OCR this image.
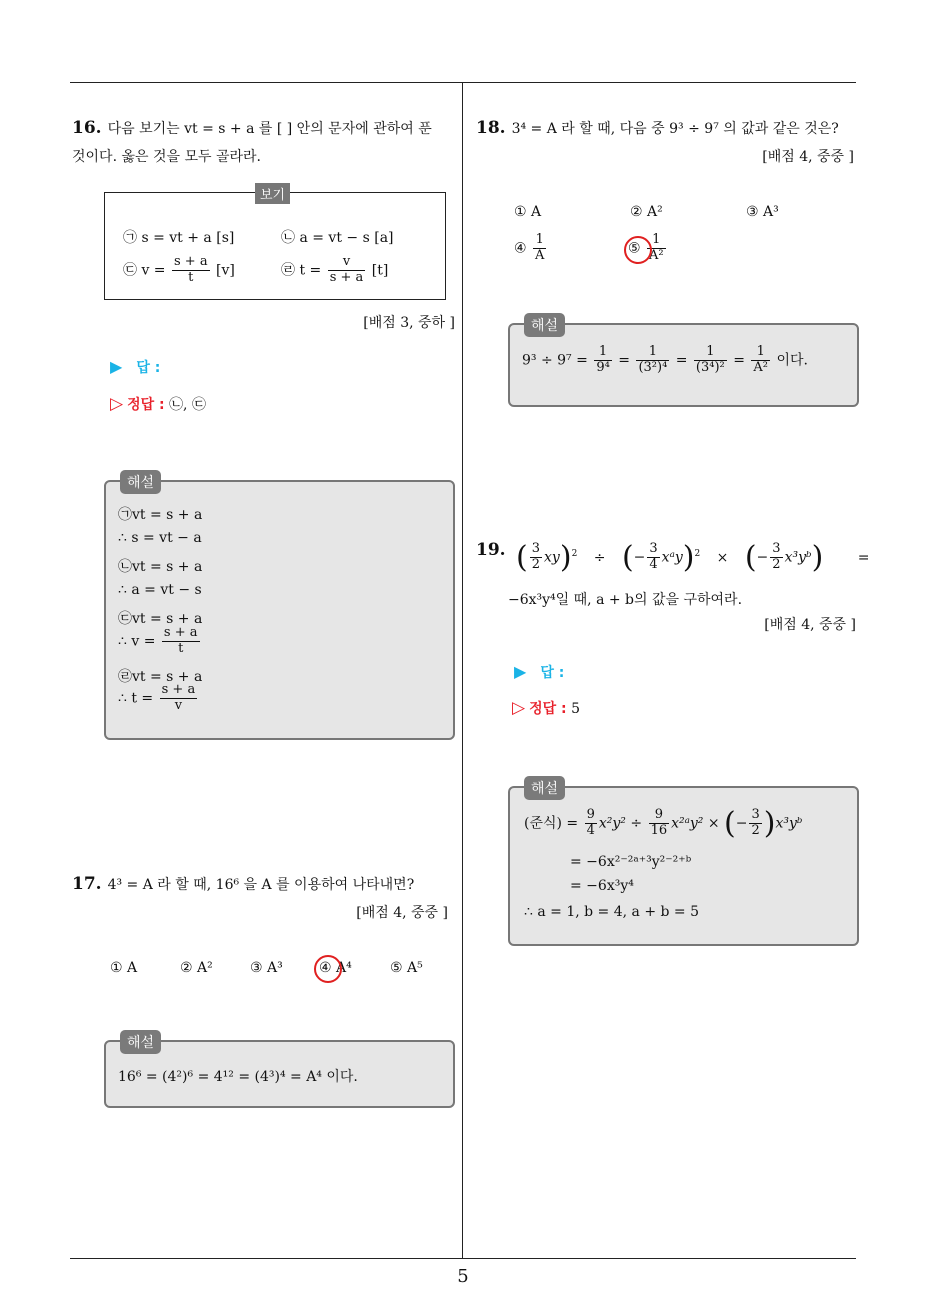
5
16. 다음 보기는 vt = s + a 를 [ ] 안의 문자에 관하여 푼
것이다. 옳은 것을 모두 골라라.
보기
㉠ s = vt + a [s]	㉡ a = vt − s [a]
㉢ $v = \frac{s + a}{t} [v]$	㉣ $t = \frac{v}{s + a} [t]$
[배점 3, 중하 ]
▶ 답 :
▷ 정답 : ㉡, ㉢
해설
㉠vt = s + a
∴ s = vt − a
㉡vt = s + a
∴ a = vt − s
㉢vt = s + a
∴ $v = \frac{s + a}{t}$
㉣vt = s + a
∴ $t = \frac{s + a}{v}$
17. 4³ = A 라 할 때, 16⁶ 을 A 를 이용하여 나타내면?
[배점 4, 중중 ]
① A	② A²	③ A³	④ A⁴	⑤ A⁵
해설
16⁶ = (4²)⁶ = 4¹² = (4³)⁴ = A⁴ 이다.
18. 3⁴ = A 라 할 때, 다음 중 9³ ÷ 9⁷ 의 값과 같은 것은?
[배점 4, 중중 ]
① A	② A²	③ A³
④ $\frac{1}{A}$	⑤ $\frac{1}{\text{A²}}$
해설
$9^3 \div 9^7 = \frac{1}{\text{9⁴}} = \frac{1}{\text{(3²)⁴}} = \frac{1}{\text{(3⁴)²}} = \frac{1}{\text{A²}}$ 이다.
19. ( $\frac{3}{2} xy)^2$ ÷ (− $\frac{3}{4}$ xᵃy)$^2$ × (− $\frac{3}{2}$ x³yᵇ) =
−6x³y⁴일 때, a + b의 값을 구하여라.
[배점 4, 중중 ]
▶ 답 :
▷ 정답 : 5
해설
(준식) = $\frac{9}{4} x^2y^2 \div \frac{9}{16}$ x²ᵃy² × (− $\frac{3}{2}$ )x³yᵇ
= −6x²⁻²ᵃ⁺³y²⁻²⁺ᵇ
= −6x³y⁴
∴ a = 1, b = 4, a + b = 5
